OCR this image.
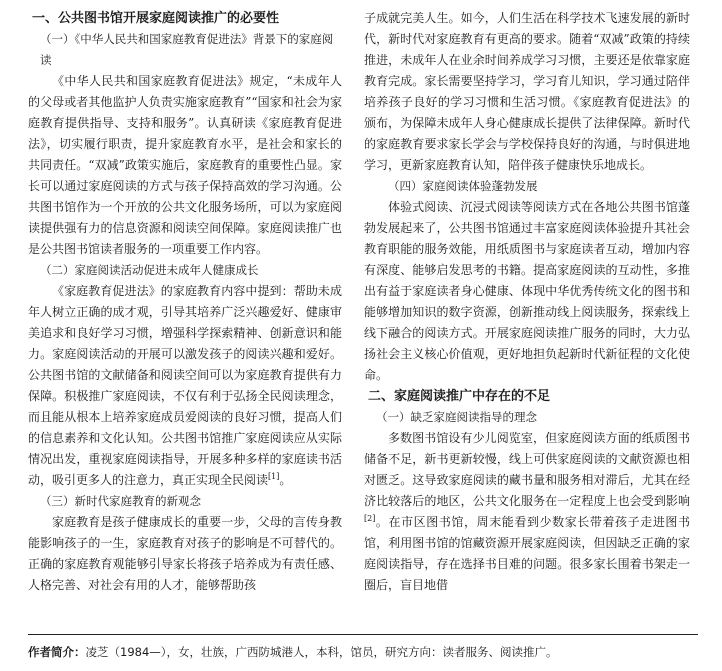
一、公共图书馆开展家庭阅读推广的必要性
（一）《中华人民共和国家庭教育促进法》背景下的家庭阅读

《中华人民共和国家庭教育促进法》规定，“未成年人的父母或者其他监护人负责实施家庭教育”“国家和社会为家庭教育提供指导、支持和服务”。认真研读《家庭教育促进法》，切实履行职责，提升家庭教育水平，是社会和家长的共同责任。“双减”政策实施后，家庭教育的重要性凸显。家长可以通过家庭阅读的方式与孩子保持高效的学习沟通。公共图书馆作为一个开放的公共文化服务场所，可以为家庭阅读提供强有力的信息资源和阅读空间保障。家庭阅读推广也是公共图书馆读者服务的一项重要工作内容。

（二）家庭阅读活动促进未成年人健康成长

《家庭教育促进法》的家庭教育内容中提到：帮助未成年人树立正确的成才观，引导其培养广泛兴趣爱好、健康审美追求和良好学习习惯，增强科学探索精神、创新意识和能力。家庭阅读活动的开展可以激发孩子的阅读兴趣和爱好。公共图书馆的文献储备和阅读空间可以为家庭教育提供有力保障。积极推广家庭阅读，不仅有利于弘扬全民阅读理念，而且能从根本上培养家庭成员爱阅读的良好习惯，提高人们的信息素养和文化认知。公共图书馆推广家庭阅读应从实际情况出发，重视家庭阅读指导，开展多种多样的家庭读书活动，吸引更多人的注意力，真正实现全民阅读[1]。

（三）新时代家庭教育的新观念

家庭教育是孩子健康成长的重要一步，父母的言传身教能影响孩子的一生，家庭教育对孩子的影响是不可替代的。正确的家庭教育观能够引导家长将孩子培养成为有责任感、人格完善、对社会有用的人才，能够帮助孩

子成就完美人生。如今，人们生活在科学技术飞速发展的新时代，新时代对家庭教育有更高的要求。随着“双减”政策的持续推进，未成年人在业余时间养成学习习惯，主要还是依靠家庭教育完成。家长需要坚持学习，学习育儿知识，学习通过陪伴培养孩子良好的学习习惯和生活习惯。《家庭教育促进法》的颁布，为保障未成年人身心健康成长提供了法律保障。新时代的家庭教育要求家长学会与学校保持良好的沟通，与时俱进地学习，更新家庭教育认知，陪伴孩子健康快乐地成长。

（四）家庭阅读体验蓬勃发展

体验式阅读、沉浸式阅读等阅读方式在各地公共图书馆蓬勃发展起来了，公共图书馆通过丰富家庭阅读体验提升其社会教育职能的服务效能，用纸质图书与家庭读者互动，增加内容有深度、能够启发思考的书籍。提高家庭阅读的互动性，多推出有益于家庭读者身心健康、体现中华优秀传统文化的图书和能够增加知识的数字资源，创新推动线上阅读服务，探索线上线下融合的阅读方式。开展家庭阅读推广服务的同时，大力弘扬社会主义核心价值观，更好地担负起新时代新征程的文化使命。

二、家庭阅读推广中存在的不足
（一）缺乏家庭阅读指导的理念

多数图书馆设有少儿阅览室，但家庭阅读方面的纸质图书储备不足，新书更新较慢，线上可供家庭阅读的文献资源也相对匮乏。这导致家庭阅读的藏书量和服务相对滞后，尤其在经济比较落后的地区，公共文化服务在一定程度上也会受到影响[2]。在市区图书馆，周末能看到少数家长带着孩子走进图书馆，利用图书馆的馆藏资源开展家庭阅读，但因缺乏正确的家庭阅读指导，存在选择书目难的问题。很多家长围着书架走一圈后，盲目地借

作者简介：凌芝（1984—），女，壮族，广西防城港人，本科，馆员，研究方向：读者服务、阅读推广。
